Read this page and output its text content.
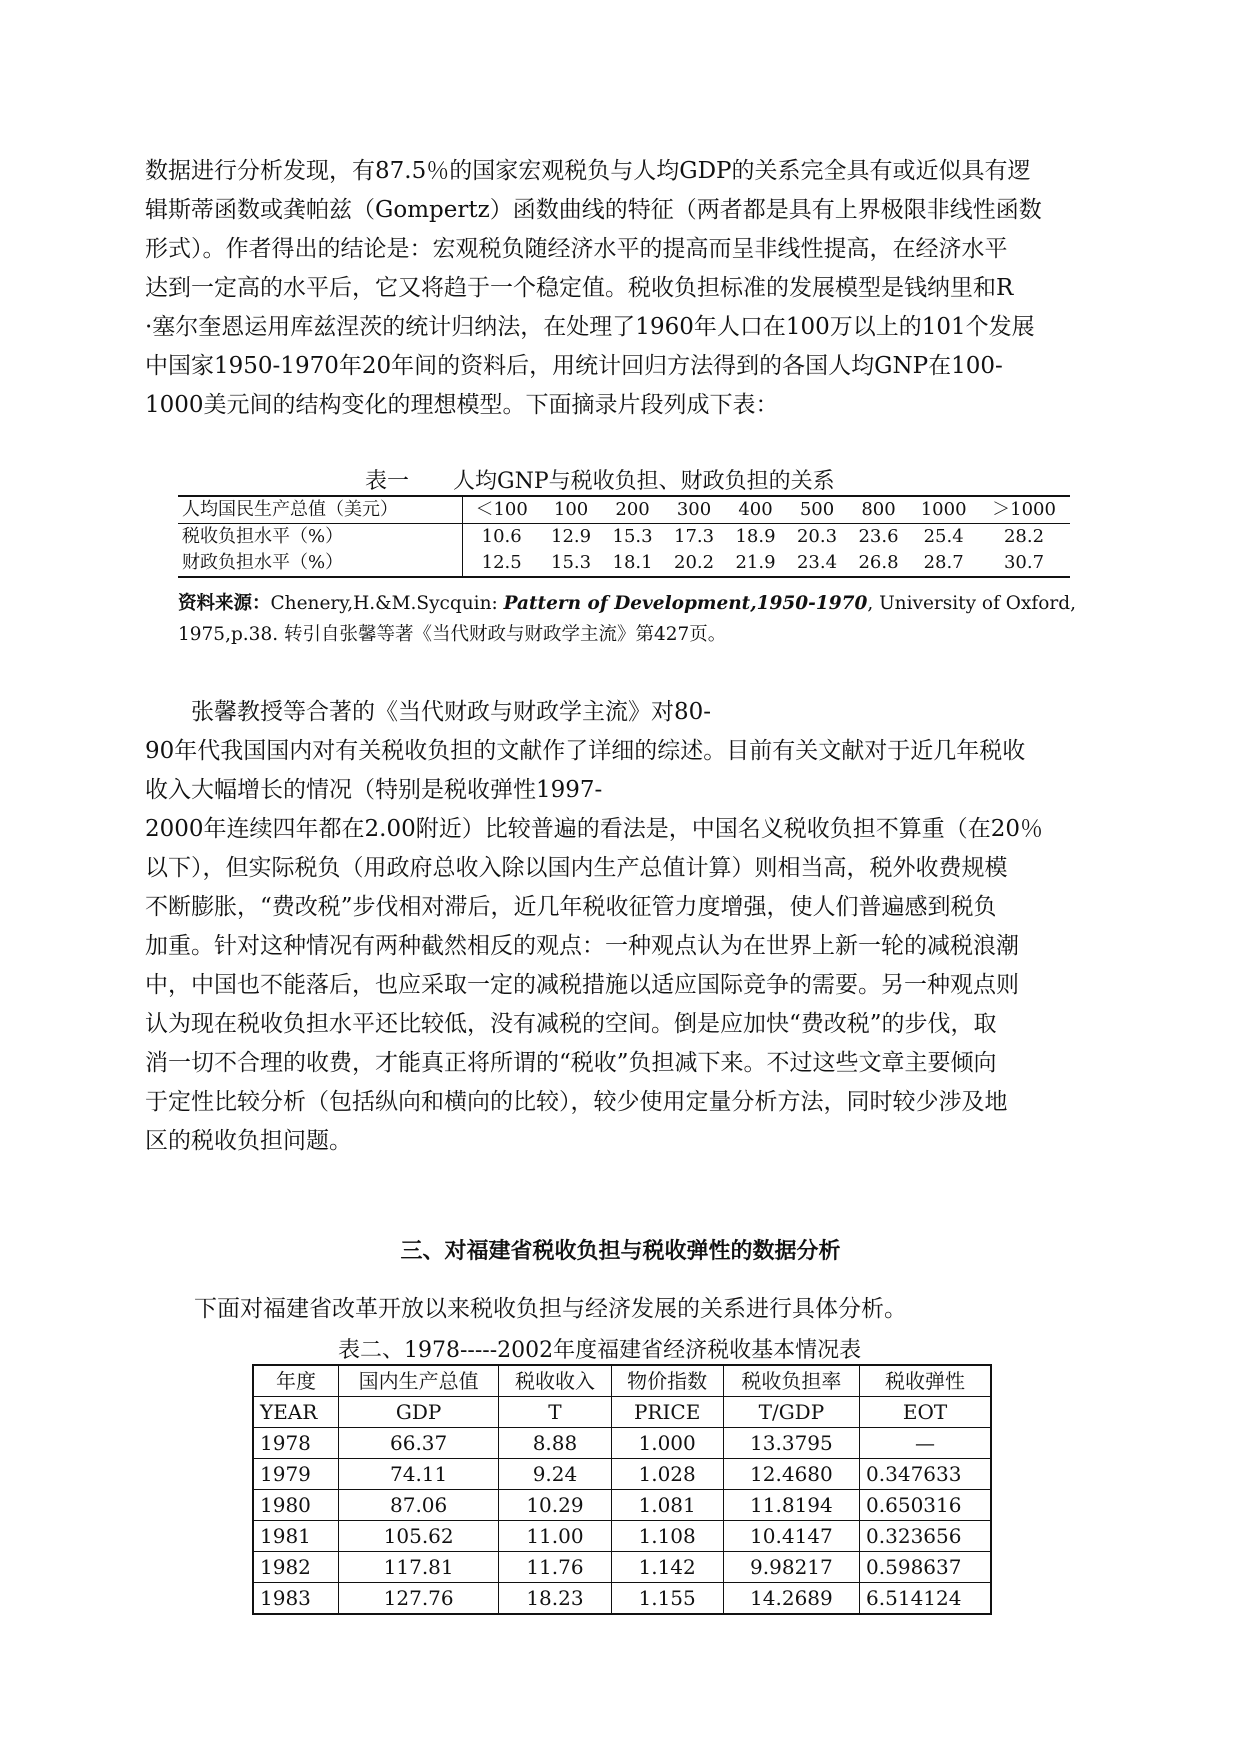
数据进行分析发现，有87.5％的国家宏观税负与人均GDP的关系完全具有或近似具有逻

辑斯蒂函数或龚帕兹（Gompertz）函数曲线的特征（两者都是具有上界极限非线性函数

形式）。作者得出的结论是：宏观税负随经济水平的提高而呈非线性提高，在经济水平

达到一定高的水平后，它又将趋于一个稳定值。税收负担标准的发展模型是钱纳里和R

·塞尔奎恩运用库兹涅茨的统计归纳法，在处理了1960年人口在100万以上的101个发展

中国家1950-1970年20年间的资料后，用统计回归方法得到的各国人均GNP在100-

1000美元间的结构变化的理想模型。下面摘录片段列成下表：

表一　　人均GNP与税收负担、财政负担的关系
人均国民生产总值（美元）	＜100	100	200	300	400	500	800	1000	＞1000
税收负担水平（%）	10.6	12.9	15.3	17.3	18.9	20.3	23.6	25.4	28.2
财政负担水平（%）	12.5	15.3	18.1	20.2	21.9	23.4	26.8	28.7	30.7

资料来源：Chenery,H.&M.Sycquin: Pattern of Development,1950-1970, University of Oxford,

1975,p.38. 转引自张馨等著《当代财政与财政学主流》第427页。

张馨教授等合著的《当代财政与财政学主流》对80-

90年代我国国内对有关税收负担的文献作了详细的综述。目前有关文献对于近几年税收

收入大幅增长的情况（特别是税收弹性1997-

2000年连续四年都在2.00附近）比较普遍的看法是，中国名义税收负担不算重（在20％

以下），但实际税负（用政府总收入除以国内生产总值计算）则相当高，税外收费规模

不断膨胀，“费改税”步伐相对滞后，近几年税收征管力度增强，使人们普遍感到税负

加重。针对这种情况有两种截然相反的观点：一种观点认为在世界上新一轮的减税浪潮

中，中国也不能落后，也应采取一定的减税措施以适应国际竞争的需要。另一种观点则

认为现在税收负担水平还比较低，没有减税的空间。倒是应加快“费改税”的步伐，取

消一切不合理的收费，才能真正将所谓的“税收”负担减下来。不过这些文章主要倾向

于定性比较分析（包括纵向和横向的比较），较少使用定量分析方法，同时较少涉及地

区的税收负担问题。

三、对福建省税收负担与税收弹性的数据分析
下面对福建省改革开放以来税收负担与经济发展的关系进行具体分析。
表二、1978-----2002年度福建省经济税收基本情况表
年度	国内生产总值	税收收入	物价指数	税收负担率	税收弹性
YEAR	GDP	T	PRICE	T/GDP	EOT
1978	66.37	8.88	1.000	13.3795	—
1979	74.11	9.24	1.028	12.4680	0.347633
1980	87.06	10.29	1.081	11.8194	0.650316
1981	105.62	11.00	1.108	10.4147	0.323656
1982	117.81	11.76	1.142	9.98217	0.598637
1983	127.76	18.23	1.155	14.2689	6.514124
